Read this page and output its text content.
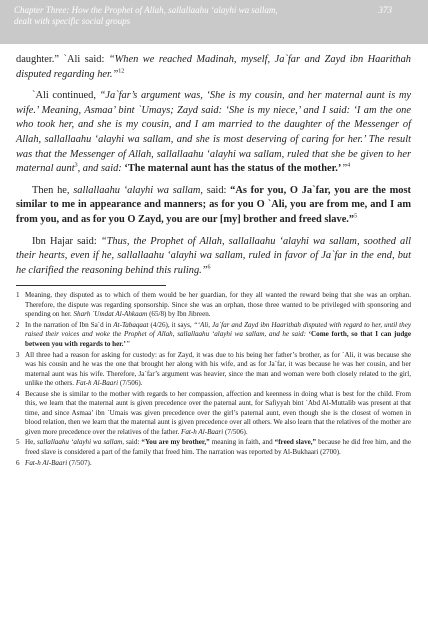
Chapter Three: How the Prophet of Allah, sallallaahu ‘alayhi wa sallam,
dealt with specific social groups
373

daughter.” `Ali said: “When we reached Madinah, myself, Ja`far and Zayd ibn Haarithah disputed regarding her.”$^{12}$

`Ali continued, “Ja`far’s argument was, ‘She is my cousin, and her maternal aunt is my wife.’ Meaning, Asmaa’ bint `Umays; Zayd said: ‘She is my niece,’ and I said: ‘I am the one who took her, and she is my cousin, and I am married to the daughter of the Messenger of Allah, sallallaahu ‘alayhi wa sallam, and she is most deserving of caring for her.’ The result was that the Messenger of Allah, sallallaahu ‘alayhi wa sallam, ruled that she be given to her maternal aunt$^3$, and said: ‘The maternal aunt has the status of the mother.’”$^4$

Then he, sallallaahu ‘alayhi wa sallam, said: “As for you, O Ja`far, you are the most similar to me in appearance and manners; as for you O `Ali, you are from me, and I am from you, and as for you O Zayd, you are our [my] brother and freed slave.”$^5$

Ibn Hajar said: “Thus, the Prophet of Allah, sallallaahu ‘alayhi wa sallam, soothed all their hearts, even if he, sallallaahu ‘alayhi wa sallam, ruled in favor of Ja`far in the end, but he clarified the reasoning behind this ruling.”$^6$

1 Meaning, they disputed as to which of them would be her guardian, for they all wanted the reward being that she was an orphan. Therefore, the dispute was regarding sponsorship. Since she was an orphan, those three wanted to be privileged with sponsoring and spending on her. Sharh `Umdat Al-Ahkaam (65/8) by Ibn Jibreen.

2 In the narration of Ibn Sa`d in At-Tabaqaat (4/26), it says, “‘Ali, Ja`far and Zayd ibn Haarithah disputed with regard to her, until they raised their voices and woke the Prophet of Allah, sallallaahu ‘alayhi wa sallam, and he said: ‘Come forth, so that I can judge between you with regards to her.’”

3 All three had a reason for asking for custody: as for Zayd, it was due to his being her father’s brother, as for `Ali, it was because she was his cousin and he was the one that brought her along with his wife, and as for Ja`far, it was because he was her cousin, and her maternal aunt was his wife. Therefore, Ja`far’s argument was heavier, since the man and woman were both closely related to the girl, unlike the others. Fat-h Al-Baari (7/506).

4 Because she is similar to the mother with regards to her compassion, affection and keenness in doing what is best for the child. From this, we learn that the maternal aunt is given precedence over the paternal aunt, for Safiyyah bint `Abd Al-Muttalib was present at that time, and since Asmaa’ ibn `Umais was given precedence over the girl’s paternal aunt, even though she is the closest of women in blood relation, then we learn that the maternal aunt is given precedence over all others. We also learn that the relatives of the mother are given more precedence over the relatives of the father. Fat-h Al-Baari (7/506).

5 He, sallallaahu ‘alayhi wa sallam, said: “You are my brother,” meaning in faith, and “freed slave,” because he did free him, and the freed slave is considered a part of the family that freed him. The narration was reported by Al-Bukhaari (2700).

6 Fat-h Al-Baari (7/507).
